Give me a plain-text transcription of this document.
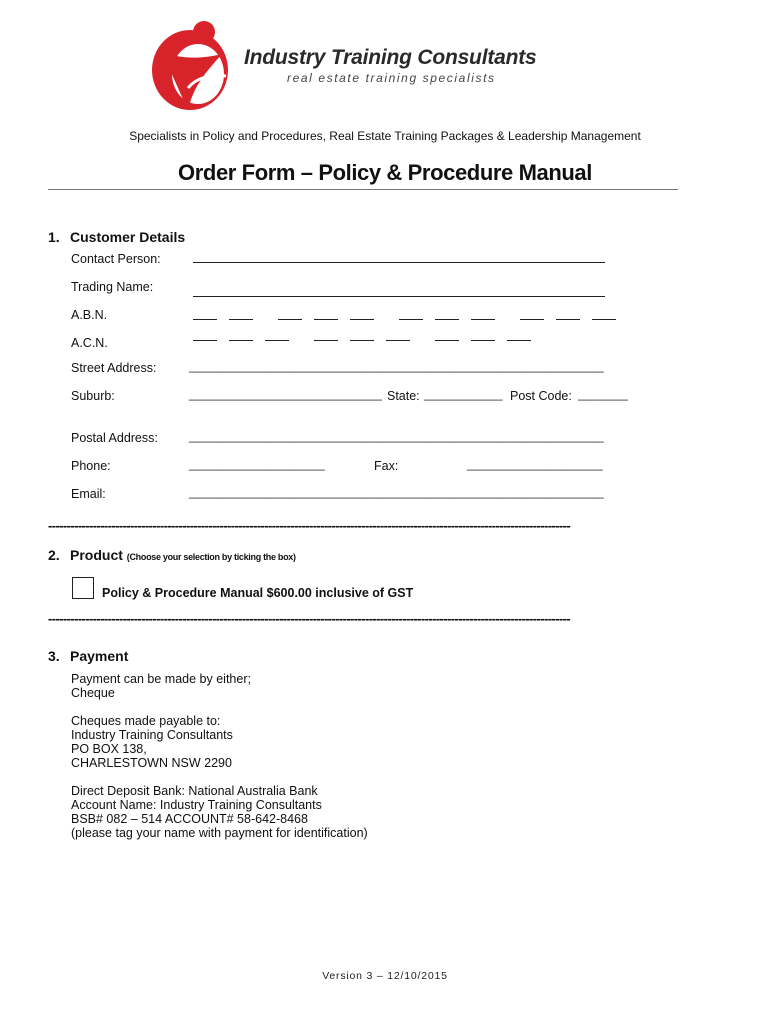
Industry Training Consultants
real estate training specialists
Specialists in Policy and Procedures, Real Estate Training Packages & Leadership Management
Order Form – Policy & Procedure Manual
1. Customer Details
Contact Person:
Trading Name:
A.B.N.
A.C.N.
Street Address:	__________________________________________________________
Suburb:	___________________________ State: ___________ Post Code: _______
Postal Address: __________________________________________________________
Phone:	___________________	Fax:	___________________
Email:	__________________________________________________________
--------------------------------------------------------------------------------------------------------------------------------------------
2. Product (Choose your selection by ticking the box)
Policy & Procedure Manual $600.00 inclusive of GST
--------------------------------------------------------------------------------------------------------------------------------------------
3. Payment
Payment can be made by either;
Cheque
Cheques made payable to:
Industry Training Consultants
PO BOX 138,
CHARLESTOWN NSW 2290
Direct Deposit Bank: National Australia Bank
Account Name: Industry Training Consultants
BSB# 082 – 514 ACCOUNT# 58-642-8468
(please tag your name with payment for identification)
Version 3 – 12/10/2015
